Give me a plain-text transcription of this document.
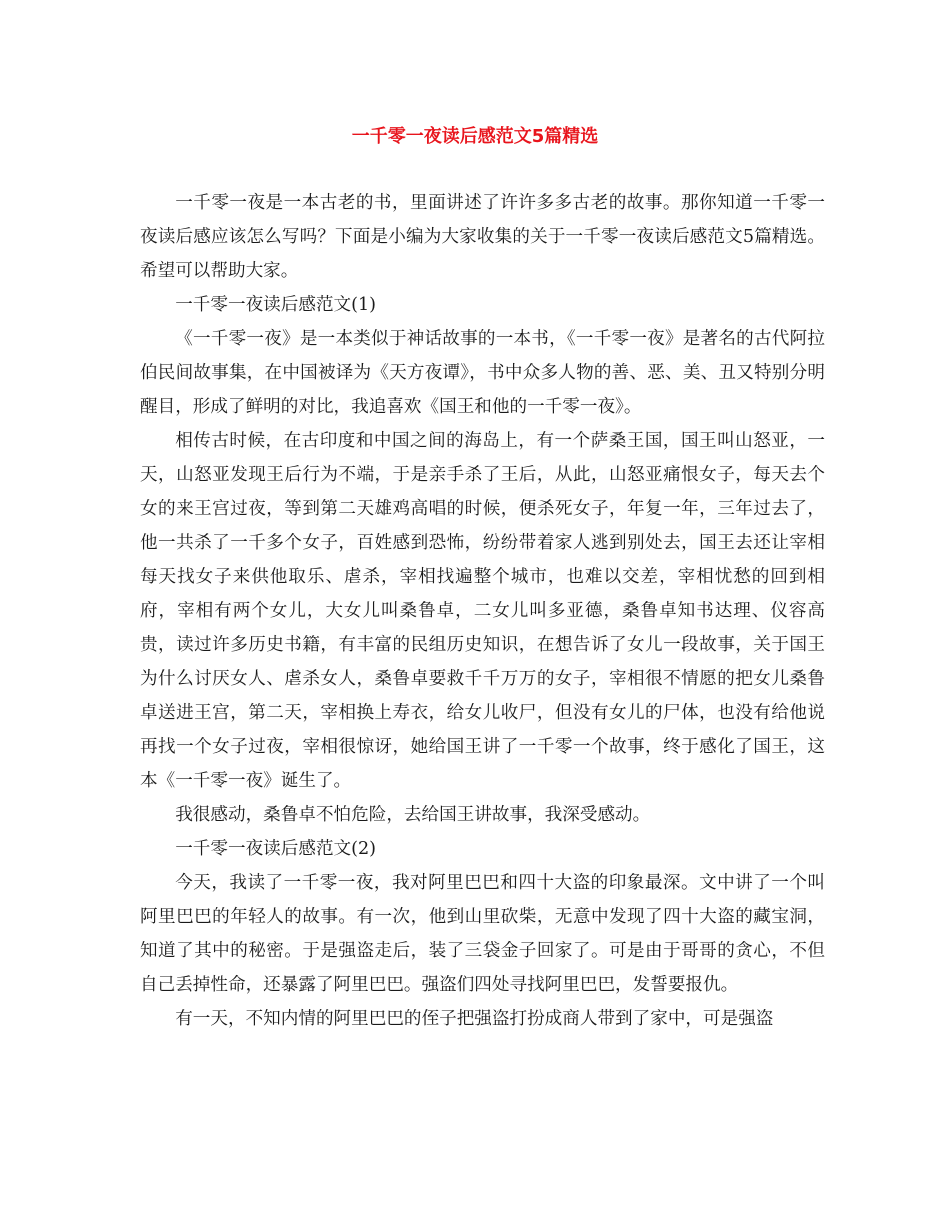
一千零一夜读后感范文5篇精选

一千零一夜是一本古老的书，里面讲述了许许多多古老的故事。那你知道一千零一夜读后感应该怎么写吗？下面是小编为大家收集的关于一千零一夜读后感范文5篇精选。希望可以帮助大家。

一千零一夜读后感范文(1)

《一千零一夜》是一本类似于神话故事的一本书，《一千零一夜》是著名的古代阿拉伯民间故事集，在中国被译为《天方夜谭》，书中众多人物的善、恶、美、丑又特别分明醒目，形成了鲜明的对比，我追喜欢《国王和他的一千零一夜》。

相传古时候，在古印度和中国之间的海岛上，有一个萨桑王国，国王叫山怒亚，一天，山怒亚发现王后行为不端，于是亲手杀了王后，从此，山怒亚痛恨女子，每天去个女的来王宫过夜，等到第二天雄鸡高唱的时候，便杀死女子，年复一年，三年过去了，他一共杀了一千多个女子，百姓感到恐怖，纷纷带着家人逃到别处去，国王去还让宰相每天找女子来供他取乐、虐杀，宰相找遍整个城市，也难以交差，宰相忧愁的回到相府，宰相有两个女儿，大女儿叫桑鲁卓，二女儿叫多亚德，桑鲁卓知书达理、仪容高贵，读过许多历史书籍，有丰富的民组历史知识，在想告诉了女儿一段故事，关于国王为什么讨厌女人、虐杀女人，桑鲁卓要救千千万万的女子，宰相很不情愿的把女儿桑鲁卓送进王宫，第二天，宰相换上寿衣，给女儿收尸，但没有女儿的尸体，也没有给他说再找一个女子过夜，宰相很惊讶，她给国王讲了一千零一个故事，终于感化了国王，这本《一千零一夜》诞生了。

我很感动，桑鲁卓不怕危险，去给国王讲故事，我深受感动。

一千零一夜读后感范文(2)

今天，我读了一千零一夜，我对阿里巴巴和四十大盗的印象最深。文中讲了一个叫阿里巴巴的年轻人的故事。有一次，他到山里砍柴，无意中发现了四十大盗的藏宝洞，知道了其中的秘密。于是强盗走后，装了三袋金子回家了。可是由于哥哥的贪心，不但自己丢掉性命，还暴露了阿里巴巴。强盗们四处寻找阿里巴巴，发誓要报仇。

有一天，不知内情的阿里巴巴的侄子把强盗打扮成商人带到了家中，可是强盗
